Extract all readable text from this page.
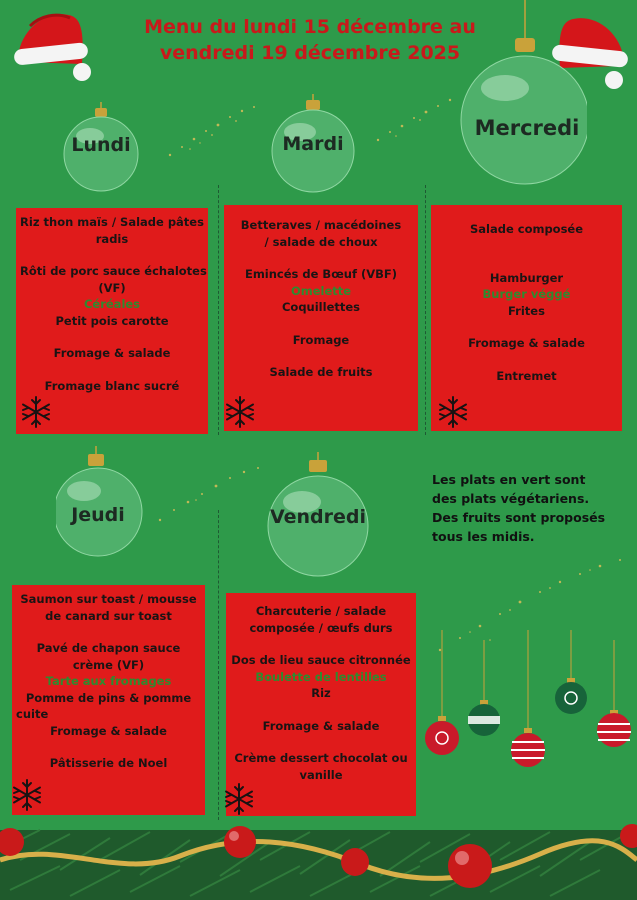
Menu du lundi 15 décembre au
vendredi 19 décembre 2025
Lundi	Mardi
Mercredi
Riz thon maïs / Salade pâtes
radis
Rôti de porc sauce échalotes
(VF)
Céréales
Petit pois carotte
Fromage & salade
Fromage blanc sucré
Betteraves / macédoines
/ salade de choux
Emincés de Bœuf (VBF)
Omelette
Coquillettes
Fromage
Salade de fruits
Salade composée
Hamburger
Burger véggé
Frites
Fromage & salade
Entremet
Jeudi	Vendredi
Saumon sur toast / mousse
de canard sur toast
Pavé de chapon sauce
crème (VF)
Tarte aux fromages
Pomme de pins & pomme
cuite
Fromage & salade
Pâtisserie de Noel
Charcuterie / salade
composée / œufs durs
Dos de lieu sauce citronnée
Boulette de lentilles
Riz
Fromage & salade
Crème dessert chocolat ou
vanille
Les plats en vert sont
des plats végétariens.
Des fruits sont proposés
tous les midis.
